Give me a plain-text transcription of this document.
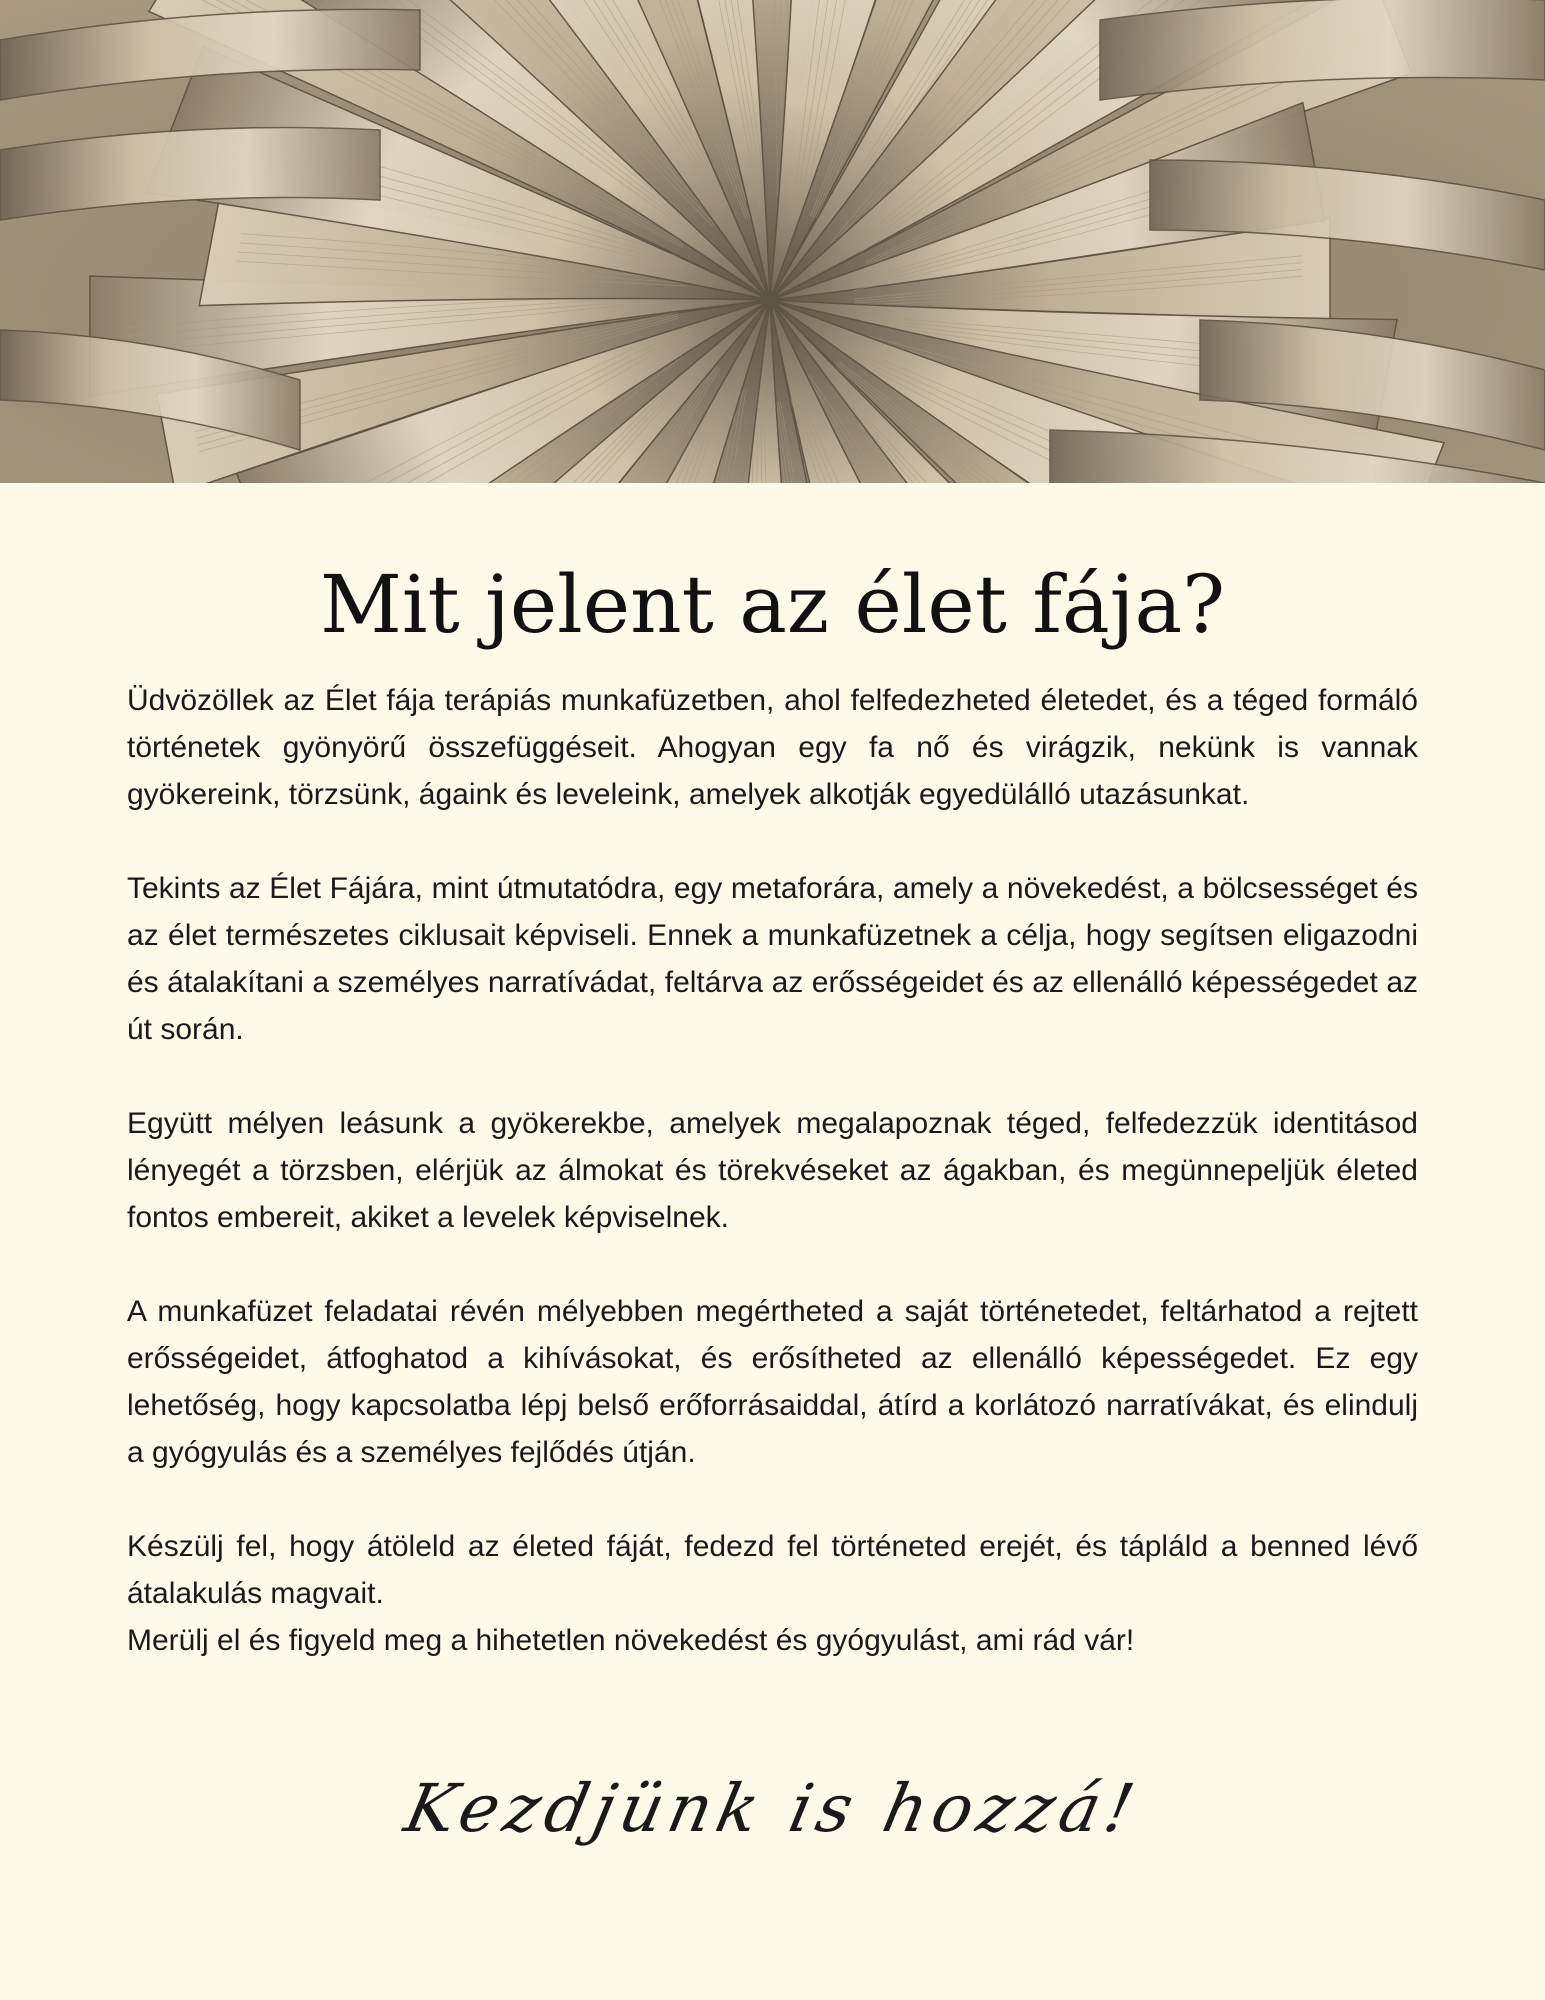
Mit jelent az élet fája?

Üdvözöllek az Élet fája terápiás munkafüzetben, ahol felfedezheted életedet, és a téged formáló történetek gyönyörű összefüggéseit. Ahogyan egy fa nő és virágzik, nekünk is vannak gyökereink, törzsünk, ágaink és leveleink, amelyek alkotják egyedülálló utazásunkat.

Tekints az Élet Fájára, mint útmutatódra, egy metaforára, amely a növekedést, a bölcsességet és az élet természetes ciklusait képviseli. Ennek a munkafüzetnek a célja, hogy segítsen eligazodni és átalakítani a személyes narratívádat, feltárva az erősségeidet és az ellenálló képességedet az út során.

Együtt mélyen leásunk a gyökerekbe, amelyek megalapoznak téged, felfedezzük identitásod lényegét a törzsben, elérjük az álmokat és törekvéseket az ágakban, és megünnepeljük életed fontos embereit, akiket a levelek képviselnek.

A munkafüzet feladatai révén mélyebben megértheted a saját történetedet, feltárhatod a rejtett erősségeidet, átfoghatod a kihívásokat, és erősítheted az ellenálló képességedet. Ez egy lehetőség, hogy kapcsolatba lépj belső erőforrásaiddal, átírd a korlátozó narratívákat, és elindulj a gyógyulás és a személyes fejlődés útján.

Készülj fel, hogy átöleld az életed fáját, fedezd fel történeted erejét, és tápláld a benned lévő átalakulás magvait.

Merülj el és figyeld meg a hihetetlen növekedést és gyógyulást, ami rád vár!

Kezdjünk is hozzá!
